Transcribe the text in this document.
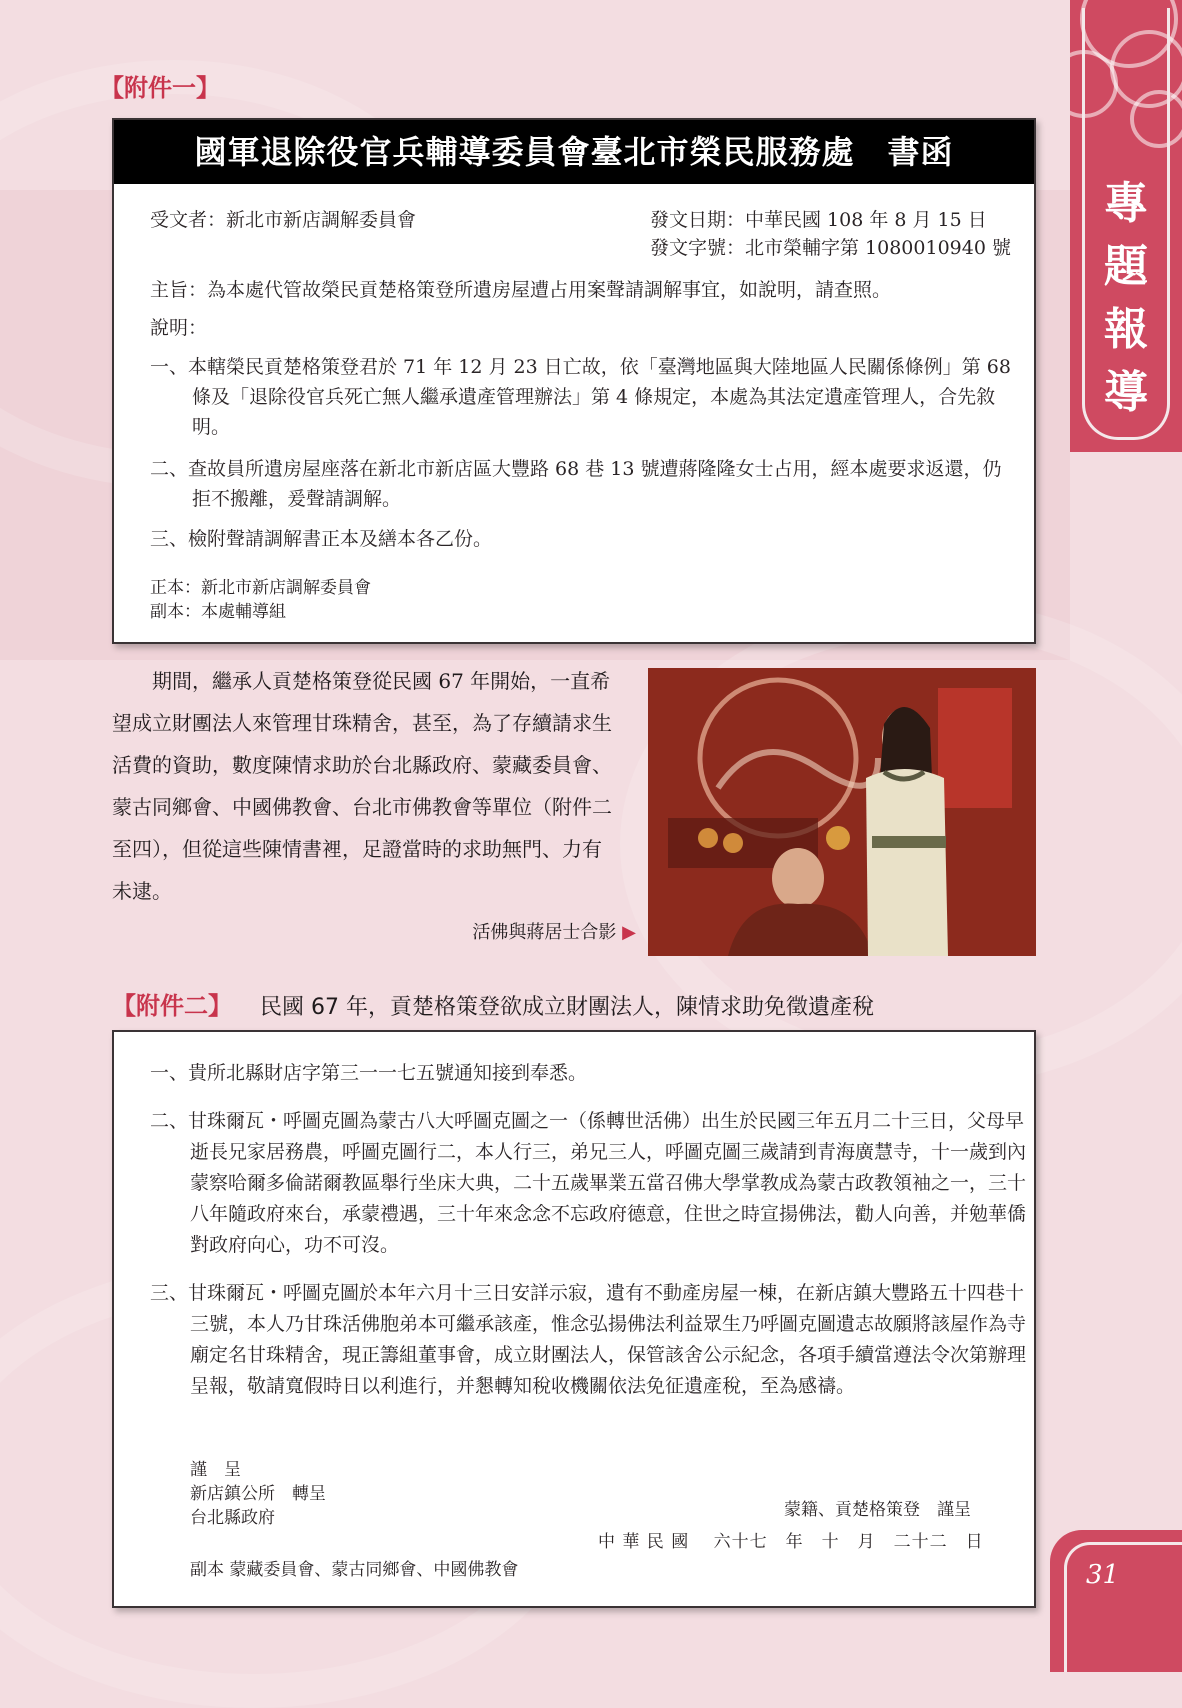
專
題
報
導
31
【附件一】
國軍退除役官兵輔導委員會臺北市榮民服務處　書函
受文者：新北市新店調解委員會	發文日期：中華民國 108 年 8 月 15 日
發文字號：北市榮輔字第 1080010940 號
主旨：為本處代管故榮民貢楚格策登所遺房屋遭占用案聲請調解事宜，如說明，請查照。
說明：
一、本轄榮民貢楚格策登君於 71 年 12 月 23 日亡故，依「臺灣地區與大陸地區人民關係條例」第 68 條及「退除役官兵死亡無人繼承遺產管理辦法」第 4 條規定，本處為其法定遺產管理人，合先敘明。
二、查故員所遺房屋座落在新北市新店區大豐路 68 巷 13 號遭蔣隆隆女士占用，經本處要求返還，仍拒不搬離，爰聲請調解。
三、檢附聲請調解書正本及繕本各乙份。
正本：新北市新店調解委員會
副本：本處輔導組
期間，繼承人貢楚格策登從民國 67 年開始，一直希望成立財團法人來管理甘珠精舍，甚至，為了存續請求生活費的資助，數度陳情求助於台北縣政府、蒙藏委員會、蒙古同鄉會、中國佛教會、台北市佛教會等單位（附件二至四），但從這些陳情書裡，足證當時的求助無門、力有未逮。
活佛與蔣居士合影 ▶
【附件二】 民國 67 年，貢楚格策登欲成立財團法人，陳情求助免徵遺產稅
一、貴所北縣財店字第三一一七五號通知接到奉悉。
二、甘珠爾瓦・呼圖克圖為蒙古八大呼圖克圖之一（係轉世活佛）出生於民國三年五月二十三日，父母早逝長兄家居務農，呼圖克圖行二，本人行三，弟兄三人，呼圖克圖三歲請到青海廣慧寺，十一歲到內蒙察哈爾多倫諾爾教區舉行坐床大典，二十五歲畢業五當召佛大學掌教成為蒙古政教領袖之一，三十八年隨政府來台，承蒙禮遇，三十年來念念不忘政府德意，住世之時宣揚佛法，勸人向善，并勉華僑對政府向心，功不可沒。
三、甘珠爾瓦・呼圖克圖於本年六月十三日安詳示寂，遺有不動產房屋一棟，在新店鎮大豐路五十四巷十三號，本人乃甘珠活佛胞弟本可繼承該產，惟念弘揚佛法利益眾生乃呼圖克圖遺志故願將該屋作為寺廟定名甘珠精舍，現正籌組董事會，成立財團法人，保管該舍公示紀念，各項手續當遵法令次第辦理呈報，敬請寬假時日以利進行，并懇轉知稅收機關依法免征遺產稅，至為感禱。
謹　呈
新店鎮公所　轉呈
台北縣政府	蒙籍、貢楚格策登　謹呈
中 華 民 國　 六十七　年　十　月　二十二　日
副本 蒙藏委員會、蒙古同鄉會、中國佛教會
